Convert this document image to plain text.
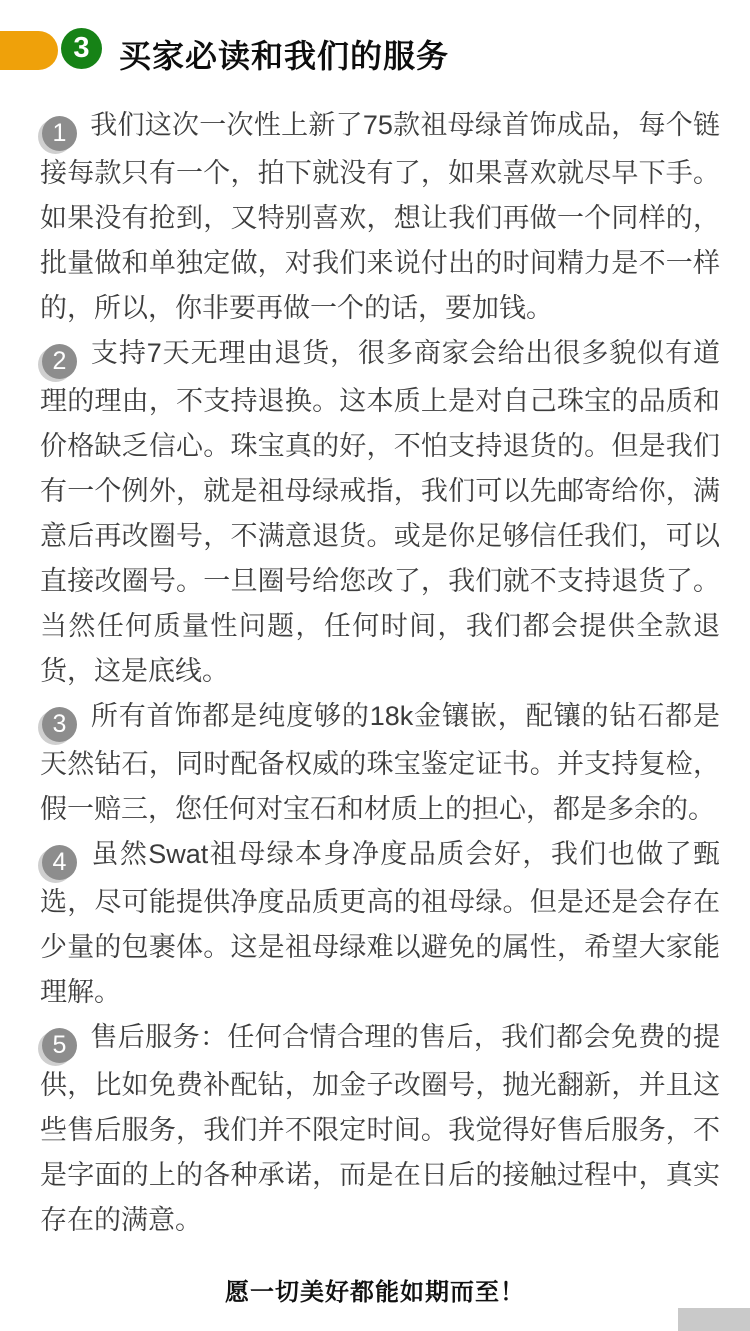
3 买家必读和我们的服务

1 我们这次一次性上新了75款祖母绿首饰成品，每个链接每款只有一个，拍下就没有了，如果喜欢就尽早下手。如果没有抢到，又特别喜欢，想让我们再做一个同样的，批量做和单独定做，对我们来说付出的时间精力是不一样的，所以，你非要再做一个的话，要加钱。

2 支持7天无理由退货，很多商家会给出很多貌似有道理的理由，不支持退换。这本质上是对自己珠宝的品质和价格缺乏信心。珠宝真的好，不怕支持退货的。但是我们有一个例外，就是祖母绿戒指，我们可以先邮寄给你，满意后再改圈号，不满意退货。或是你足够信任我们，可以直接改圈号。一旦圈号给您改了，我们就不支持退货了。当然任何质量性问题，任何时间，我们都会提供全款退货，这是底线。

3 所有首饰都是纯度够的18k金镶嵌，配镶的钻石都是天然钻石，同时配备权威的珠宝鉴定证书。并支持复检，假一赔三，您任何对宝石和材质上的担心，都是多余的。

4 虽然Swat祖母绿本身净度品质会好，我们也做了甄选，尽可能提供净度品质更高的祖母绿。但是还是会存在少量的包裹体。这是祖母绿难以避免的属性，希望大家能理解。

5 售后服务：任何合情合理的售后，我们都会免费的提供，比如免费补配钻，加金子改圈号，抛光翻新，并且这些售后服务，我们并不限定时间。我觉得好售后服务，不是字面的上的各种承诺，而是在日后的接触过程中，真实存在的满意。

愿一切美好都能如期而至！
